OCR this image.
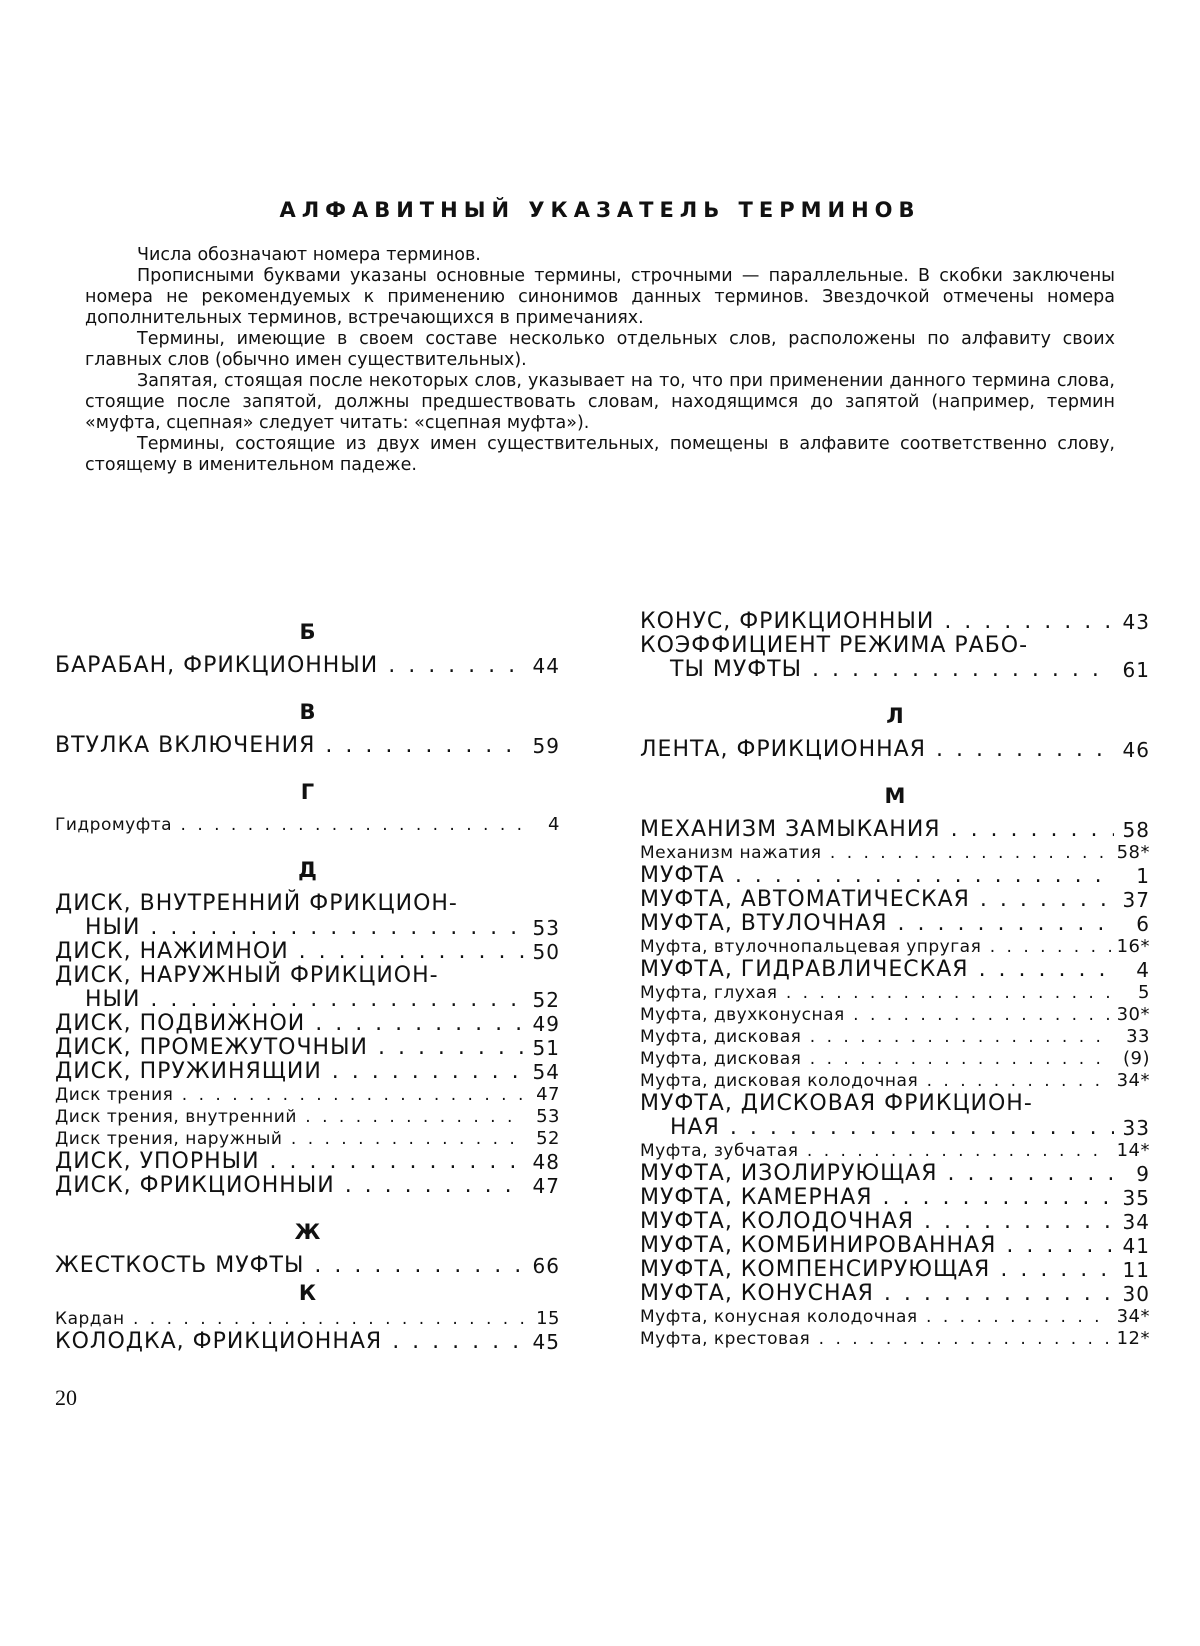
АЛФАВИТНЫЙ УКАЗАТЕЛЬ ТЕРМИНОВ

Числа обозначают номера терминов.

Прописными буквами указаны основные термины, строчными — параллельные. В скобки заключены номера не рекомендуемых к применению синонимов данных терминов. Звездочкой отмечены номера дополнительных терминов, встречающихся в примечаниях.

Термины, имеющие в своем составе несколько отдельных слов, расположены по алфавиту своих главных слов (обычно имен существительных).

Запятая, стоящая после некоторых слов, указывает на то, что при применении данного термина слова, стоящие после запятой, должны предшествовать словам, находящимся до запятой (например, термин «муфта, сцепная» следует читать: «сцепная муфта»).

Термины, состоящие из двух имен существительных, помещены в алфавите соответственно слову, стоящему в именительном падеже.

Б
БАРАБАН, ФРИКЦИОННЫЙ . . .	44
В
ВТУЛКА ВКЛЮЧЕНИЯ . . .	59
Г
Гидромуфта . . .	4
Д
ДИСК, ВНУТРЕННИЙ ФРИКЦИОН-
НЫЙ . . .	53
ДИСК, НАЖИМНОЙ . . .	50
ДИСК, НАРУЖНЫЙ ФРИКЦИОН-
НЫЙ . . .	52
ДИСК, ПОДВИЖНОЙ . . .	49
ДИСК, ПРОМЕЖУТОЧНЫЙ . . .	51
ДИСК, ПРУЖИНЯЩИЙ . . .	54
Диск трения . . .	47
Диск трения, внутренний . . .	53
Диск трения, наружный . . .	52
ДИСК, УПОРНЫЙ . . .	48
ДИСК, ФРИКЦИОННЫЙ . . .	47
Ж
ЖЕСТКОСТЬ МУФТЫ . . .	66
К
Кардан . . .	15
КОЛОДКА, ФРИКЦИОННАЯ . . .	45
КОНУС, ФРИКЦИОННЫЙ . . .	43
КОЭФФИЦИЕНТ РЕЖИМА РАБО-
ТЫ МУФТЫ . . .	61
Л
ЛЕНТА, ФРИКЦИОННАЯ . . .	46
М
МЕХАНИЗМ ЗАМЫКАНИЯ . . .	58
Механизм нажатия . . .	58*
МУФТА . . .	1
МУФТА, АВТОМАТИЧЕСКАЯ . . .	37
МУФТА, ВТУЛОЧНАЯ . . .	6
Муфта, втулочнопальцевая упругая . . .	16*
МУФТА, ГИДРАВЛИЧЕСКАЯ . . .	4
Муфта, глухая . . .	5
Муфта, двухконусная . . .	30*
Муфта, дисковая . . .	33
Муфта, дисковая . . .	(9)
Муфта, дисковая колодочная . . .	34*
МУФТА, ДИСКОВАЯ ФРИКЦИОН-
НАЯ . . .	33
Муфта, зубчатая . . .	14*
МУФТА, ИЗОЛИРУЮЩАЯ . . .	9
МУФТА, КАМЕРНАЯ . . .	35
МУФТА, КОЛОДОЧНАЯ . . .	34
МУФТА, КОМБИНИРОВАННАЯ . . .	41
МУФТА, КОМПЕНСИРУЮЩАЯ . . .	11
МУФТА, КОНУСНАЯ . . .	30
Муфта, конусная колодочная . . .	34*
Муфта, крестовая . . .	12*
20
